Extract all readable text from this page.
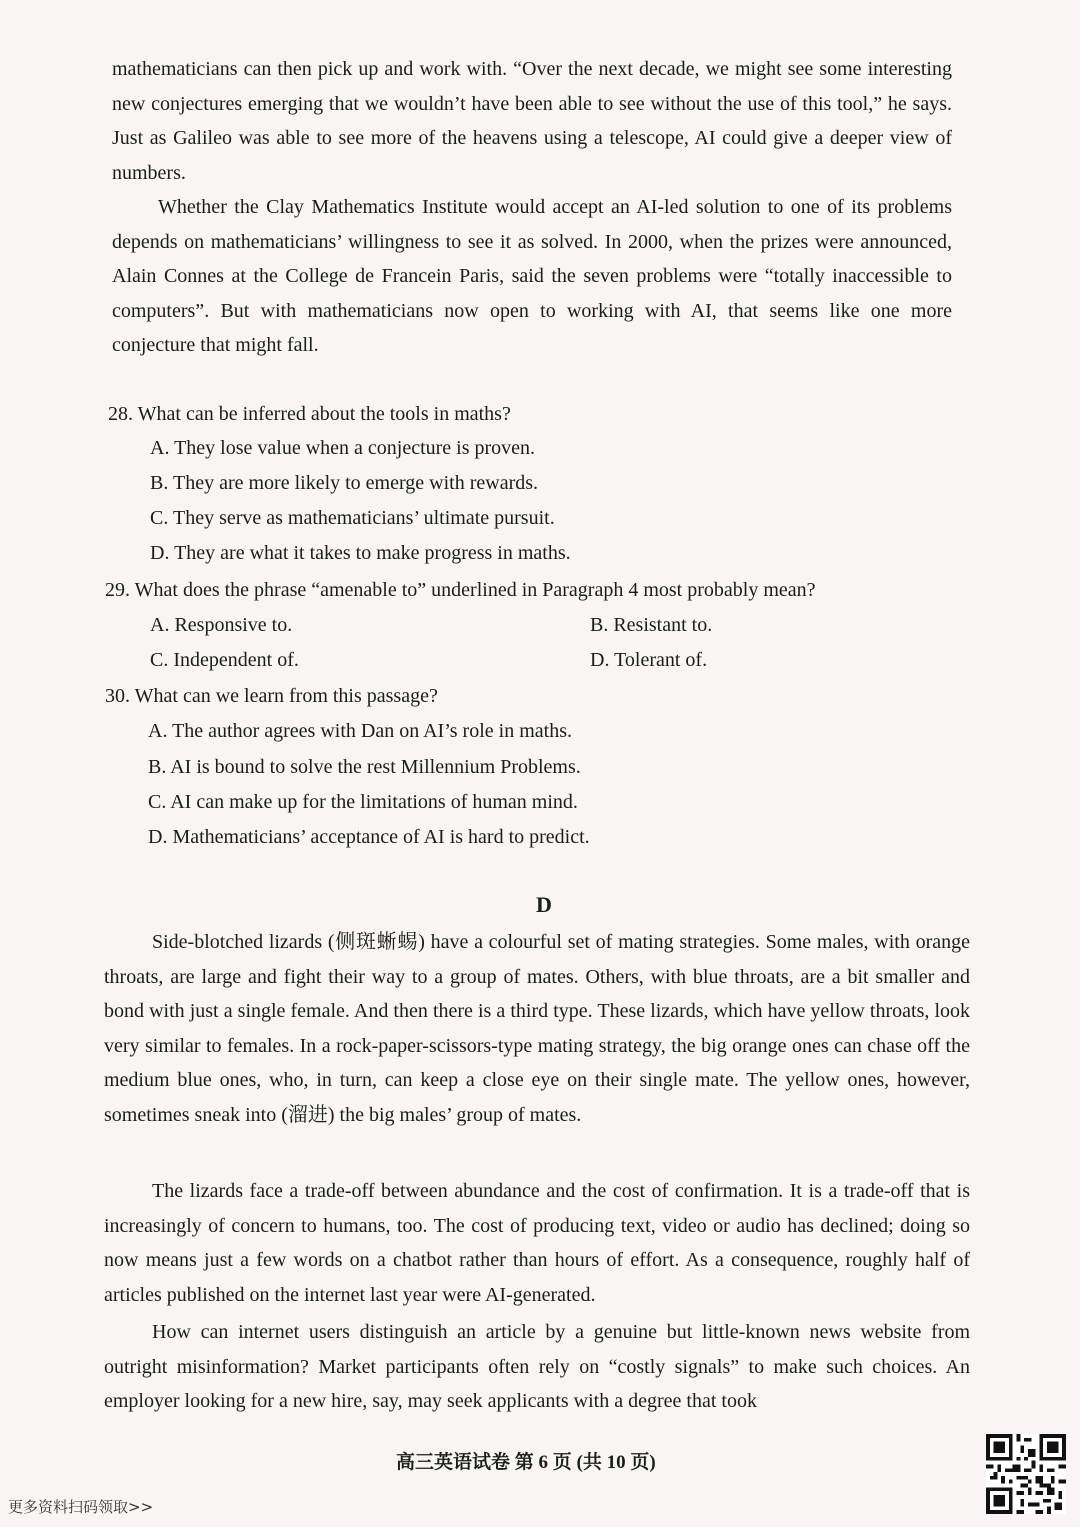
mathematicians can then pick up and work with. “Over the next decade, we might see some interesting new conjectures emerging that we wouldn’t have been able to see without the use of this tool,” he says. Just as Galileo was able to see more of the heavens using a telescope, AI could give a deeper view of numbers.

Whether the Clay Mathematics Institute would accept an AI-led solution to one of its problems depends on mathematicians’ willingness to see it as solved. In 2000, when the prizes were announced, Alain Connes at the College de Francein Paris, said the seven problems were “totally inaccessible to computers”. But with mathematicians now open to working with AI, that seems like one more conjecture that might fall.

28. What can be inferred about the tools in maths?

A. They lose value when a conjecture is proven.

B. They are more likely to emerge with rewards.

C. They serve as mathematicians’ ultimate pursuit.

D. They are what it takes to make progress in maths.

29. What does the phrase “amenable to” underlined in Paragraph 4 most probably mean?

A. Responsive to.	B. Resistant to.

C. Independent of.	D. Tolerant of.

30. What can we learn from this passage?

A. The author agrees with Dan on AI’s role in maths.

B. AI is bound to solve the rest Millennium Problems.

C. AI can make up for the limitations of human mind.

D. Mathematicians’ acceptance of AI is hard to predict.

D

Side-blotched lizards (侧斑蜥蜴) have a colourful set of mating strategies. Some males, with orange throats, are large and fight their way to a group of mates. Others, with blue throats, are a bit smaller and bond with just a single female. And then there is a third type. These lizards, which have yellow throats, look very similar to females. In a rock-paper-scissors-type mating strategy, the big orange ones can chase off the medium blue ones, who, in turn, can keep a close eye on their single mate. The yellow ones, however, sometimes sneak into (溜进) the big males’ group of mates.

The lizards face a trade-off between abundance and the cost of confirmation. It is a trade-off that is increasingly of concern to humans, too. The cost of producing text, video or audio has declined; doing so now means just a few words on a chatbot rather than hours of effort. As a consequence, roughly half of articles published on the internet last year were AI-generated.

How can internet users distinguish an article by a genuine but little-known news website from outright misinformation? Market participants often rely on “costly signals” to make such choices. An employer looking for a new hire, say, may seek applicants with a degree that took

高三英语试卷 第 6 页 (共 10 页)
更多资料扫码领取>>
